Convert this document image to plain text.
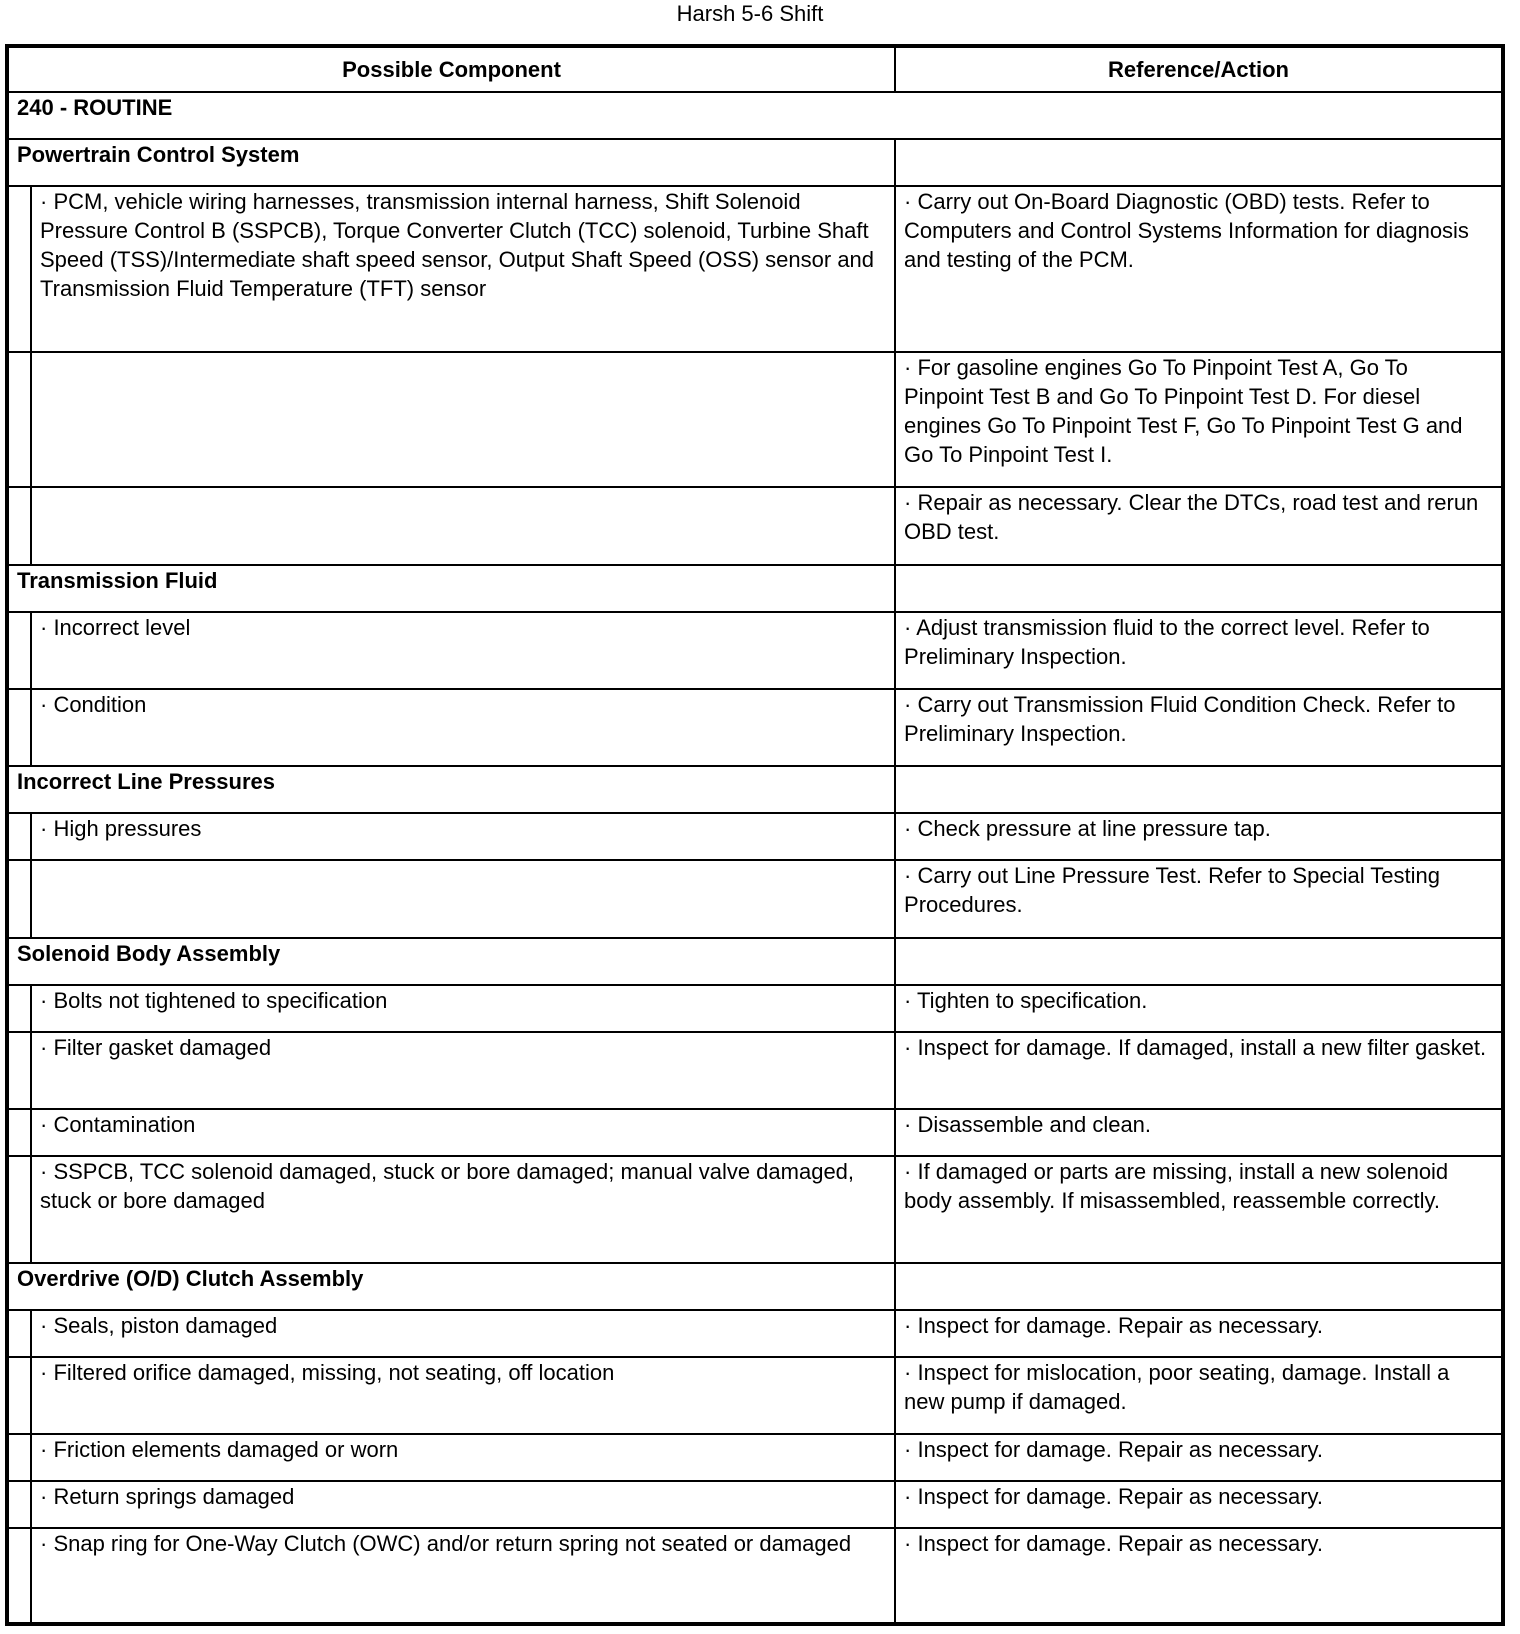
Harsh 5-6 Shift
Possible Component		Reference/Action
240 - ROUTINE		
Powertrain Control System		
	· PCM, vehicle wiring harnesses, transmission internal harness, Shift Solenoid Pressure Control B (SSPCB), Torque Converter Clutch (TCC) solenoid, Turbine Shaft Speed (TSS)/Intermediate shaft speed sensor, Output Shaft Speed (OSS) sensor and Transmission Fluid Temperature (TFT) sensor	· Carry out On-Board Diagnostic (OBD) tests. Refer to Computers and Control Systems Information for diagnosis and testing of the PCM.
		· For gasoline engines Go To Pinpoint Test A, Go To Pinpoint Test B and Go To Pinpoint Test D. For diesel engines Go To Pinpoint Test F, Go To Pinpoint Test G and Go To Pinpoint Test I.
		· Repair as necessary. Clear the DTCs, road test and rerun OBD test.
Transmission Fluid		
	· Incorrect level	· Adjust transmission fluid to the correct level. Refer to Preliminary Inspection.
	· Condition	· Carry out Transmission Fluid Condition Check. Refer to Preliminary Inspection.
Incorrect Line Pressures		
	· High pressures	· Check pressure at line pressure tap.
		· Carry out Line Pressure Test. Refer to Special Testing Procedures.
Solenoid Body Assembly		
	· Bolts not tightened to specification	· Tighten to specification.
	· Filter gasket damaged	· Inspect for damage. If damaged, install a new filter gasket.
	· Contamination	· Disassemble and clean.
	· SSPCB, TCC solenoid damaged, stuck or bore damaged; manual valve damaged, stuck or bore damaged	· If damaged or parts are missing, install a new solenoid body assembly. If misassembled, reassemble correctly.
Overdrive (O/D) Clutch Assembly		
	· Seals, piston damaged	· Inspect for damage. Repair as necessary.
	· Filtered orifice damaged, missing, not seating, off location	· Inspect for mislocation, poor seating, damage. Install a new pump if damaged.
	· Friction elements damaged or worn	· Inspect for damage. Repair as necessary.
	· Return springs damaged	· Inspect for damage. Repair as necessary.
	· Snap ring for One-Way Clutch (OWC) and/or return spring not seated or damaged	· Inspect for damage. Repair as necessary.
